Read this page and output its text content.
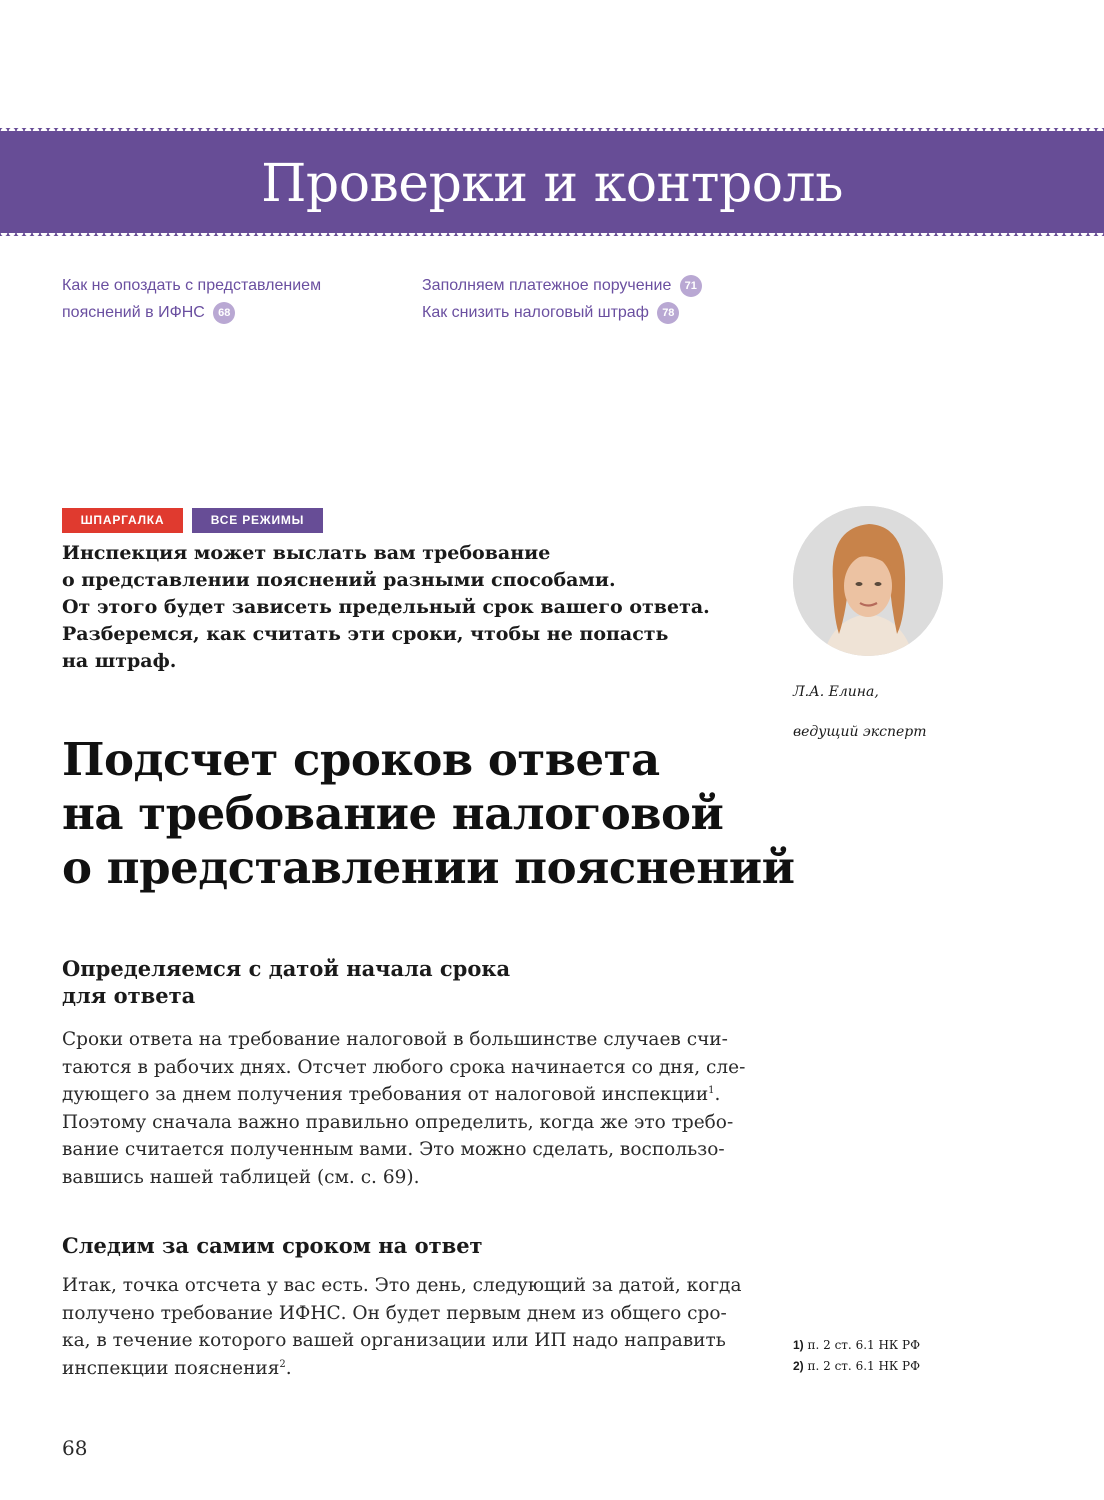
Проверки и контроль
Как не опоздать с представлением
пояснений в ИФНС 68
Заполняем платежное поручение 71
Как снизить налоговый штраф 78
ШПАРГАЛКА	ВСЕ РЕЖИМЫ
Инспекция может выслать вам требование
о представлении пояснений разными способами.
От этого будет зависеть предельный срок вашего ответа.
Разберемся, как считать эти сроки, чтобы не попасть
на штраф.

Л.А. Елина,

ведущий эксперт

Подсчет сроков ответа
на требование налоговой
о представлении пояснений
Определяемся с датой начала срока
для ответа
Сроки ответа на требование налоговой в большинстве случаев счи-
таются в рабочих днях. Отсчет любого срока начинается со дня, сле-
дующего за днем получения требования от налоговой инспекции$^1$.
Поэтому сначала важно правильно определить, когда же это требо-
вание считается полученным вами. Это можно сделать, воспользо-
вавшись нашей таблицей (см. с. 69).
Следим за самим сроком на ответ
Итак, точка отсчета у вас есть. Это день, следующий за датой, когда
получено требование ИФНС. Он будет первым днем из общего сро-
ка, в течение которого вашей организации или ИП надо направить
инспекции пояснения$^2$.
1) п. 2 ст. 6.1 НК РФ
2) п. 2 ст. 6.1 НК РФ
68
